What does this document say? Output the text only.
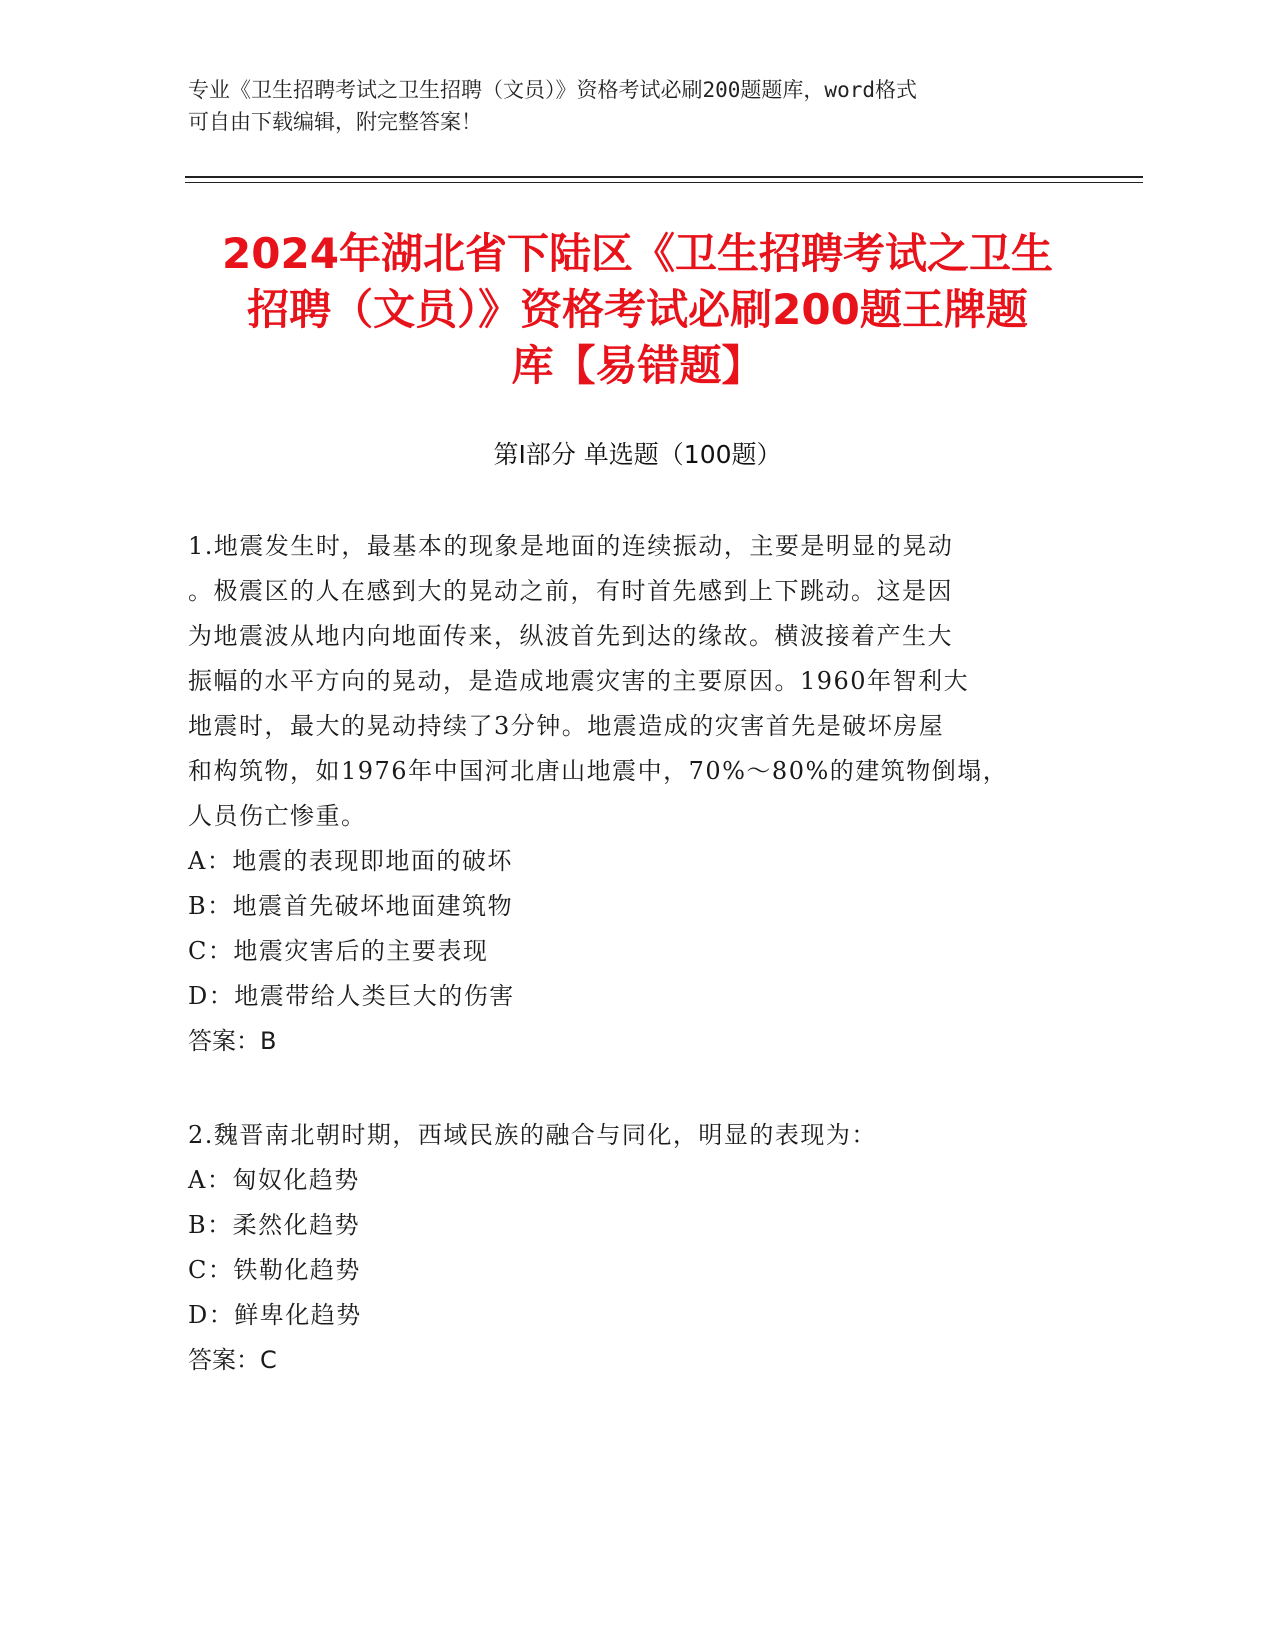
专业《卫生招聘考试之卫生招聘（文员）》资格考试必刷200题题库，word格式
可自由下载编辑，附完整答案！
2024年湖北省下陆区《卫生招聘考试之卫生
招聘（文员）》资格考试必刷200题王牌题
库【易错题】
第Ⅰ部分 单选题（100题）
1.地震发生时，最基本的现象是地面的连续振动，主要是明显的晃动
。极震区的人在感到大的晃动之前，有时首先感到上下跳动。这是因
为地震波从地内向地面传来，纵波首先到达的缘故。横波接着产生大
振幅的水平方向的晃动，是造成地震灾害的主要原因。1960年智利大
地震时，最大的晃动持续了3分钟。地震造成的灾害首先是破坏房屋
和构筑物，如1976年中国河北唐山地震中，70%～80%的建筑物倒塌，
人员伤亡惨重。
A：地震的表现即地面的破坏
B：地震首先破坏地面建筑物
C：地震灾害后的主要表现
D：地震带给人类巨大的伤害
答案：B
2.魏晋南北朝时期，西域民族的融合与同化，明显的表现为：
A：匈奴化趋势
B：柔然化趋势
C：铁勒化趋势
D：鲜卑化趋势
答案：C
